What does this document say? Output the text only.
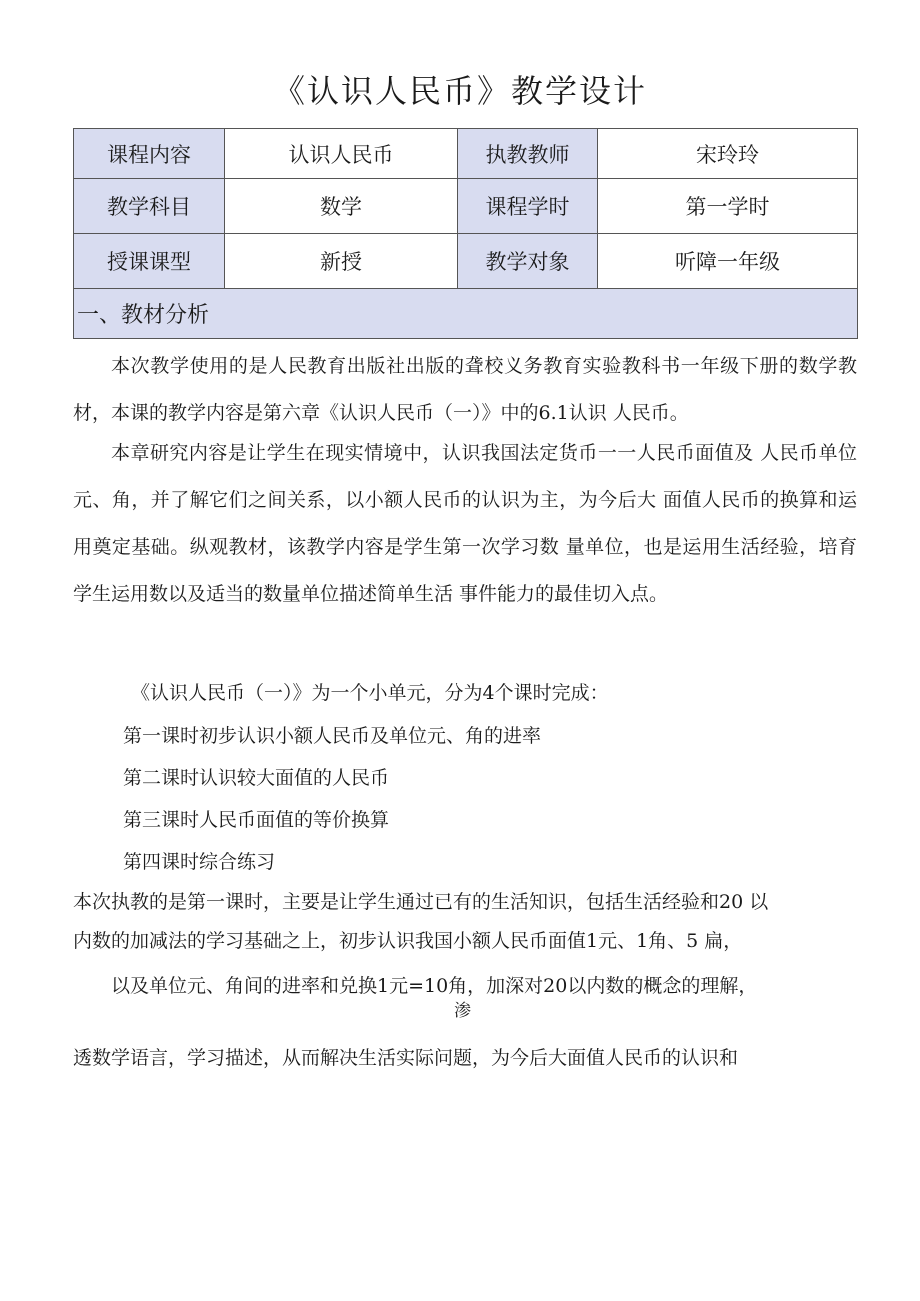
《认识人民币》教学设计
课程内容	认识人民币	执教教师	宋玲玲
教学科目	数学	课程学时	第一学时
授课课型	新授	教学对象	听障一年级
一、教材分析			
本次教学使用的是人民教育出版社出版的聋校义务教育实验教科书一年级下册的数学教材，本课的教学内容是第六章《认识人民币（一）》中的6.1认识 人民币。
本章研究内容是让学生在现实情境中，认识我国法定货币一一人民币面值及 人民币单位元、角，并了解它们之间关系，以小额人民币的认识为主，为今后大 面值人民币的换算和运用奠定基础。纵观教材，该教学内容是学生第一次学习数 量单位，也是运用生活经验，培育学生运用数以及适当的数量单位描述简单生活 事件能力的最佳切入点。
《认识人民币（一）》为一个小单元，分为4个课时完成：
第一课时初步认识小额人民币及单位元、角的进率
第二课时认识较大面值的人民币
第三课时人民币面值的等价换算
第四课时综合练习
本次执教的是第一课时，主要是让学生通过已有的生活知识，包括生活经验和20 以
内数的加减法的学习基础之上，初步认识我国小额人民币面值1元、1角、5 扁，
以及单位元、角间的进率和兑换1元=10角，加深对20以内数的概念的理解，
渗
透数学语言，学习描述，从而解决生活实际问题，为今后大面值人民币的认识和
